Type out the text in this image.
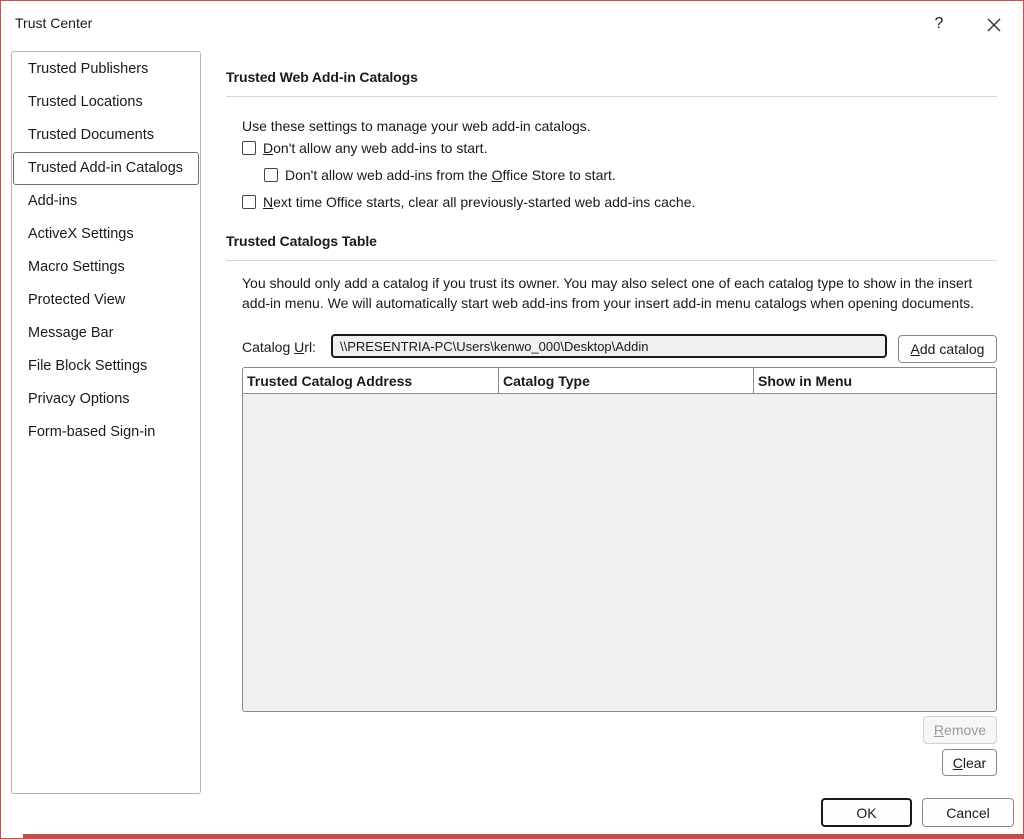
Trust Center	?
Trusted Publishers
Trusted Locations
Trusted Documents
Trusted Add-in Catalogs
Add-ins
ActiveX Settings
Macro Settings
Protected View
Message Bar
File Block Settings
Privacy Options
Form-based Sign-in
Trusted Web Add-in Catalogs
Use these settings to manage your web add-in catalogs.
Don't allow any web add-ins to start.
Don't allow web add-ins from the Office Store to start.
Next time Office starts, clear all previously-started web add-ins cache.
Trusted Catalogs Table
You should only add a catalog if you trust its owner. You may also select one of each catalog type to show in the insert add-in menu. We will automatically start web add-ins from your insert add-in menu catalogs when opening documents.
Catalog Url:
\\PRESENTRIA-PC\Users\kenwo_000\Desktop\Addin	Add catalog
Trusted Catalog Address	Catalog Type	Show in Menu
Remove
Clear
OK	Cancel
